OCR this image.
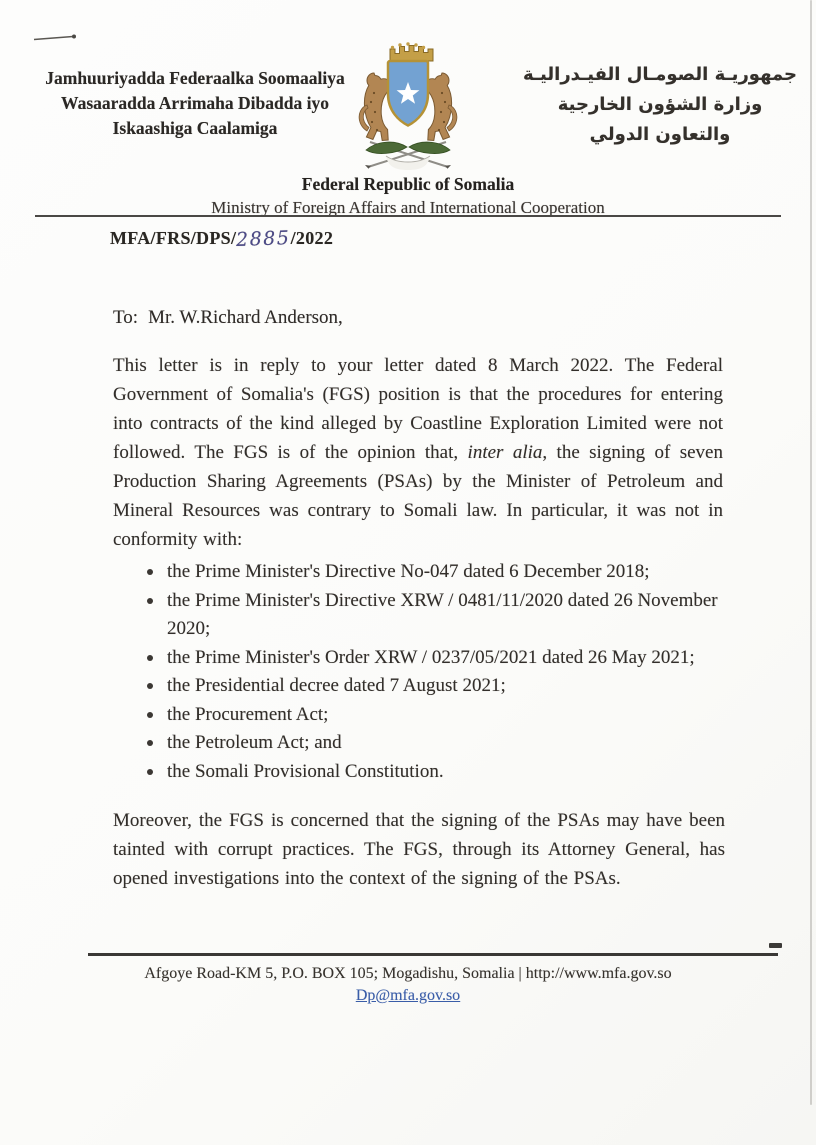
Jamhuuriyadda Federaalka Soomaaliya
Wasaaradda Arrimaha Dibadda iyo
Iskaashiga Caalamiga
جمهوريـة الصومـال الفيـدراليـة
وزارة الشؤون الخارجية
والتعاون الدولي
Federal Republic of Somalia
Ministry of Foreign Affairs and International Cooperation
MFA/FRS/DPS/2885/2022
To: Mr. W.Richard Anderson,
This letter is in reply to your letter dated 8 March 2022. The Federal Government of Somalia's (FGS) position is that the procedures for entering into contracts of the kind alleged by Coastline Exploration Limited were not followed. The FGS is of the opinion that, inter alia, the signing of seven Production Sharing Agreements (PSAs) by the Minister of Petroleum and Mineral Resources was contrary to Somali law. In particular, it was not in conformity with:
the Prime Minister's Directive No-047 dated 6 December 2018;
the Prime Minister's Directive XRW / 0481/11/2020 dated 26 November 2020;
the Prime Minister's Order XRW / 0237/05/2021 dated 26 May 2021;
the Presidential decree dated 7 August 2021;
the Procurement Act;
the Petroleum Act; and
the Somali Provisional Constitution.
Moreover, the FGS is concerned that the signing of the PSAs may have been tainted with corrupt practices. The FGS, through its Attorney General, has opened investigations into the context of the signing of the PSAs.
Afgoye Road-KM 5, P.O. BOX 105; Mogadishu, Somalia | http://www.mfa.gov.so
Dp@mfa.gov.so
